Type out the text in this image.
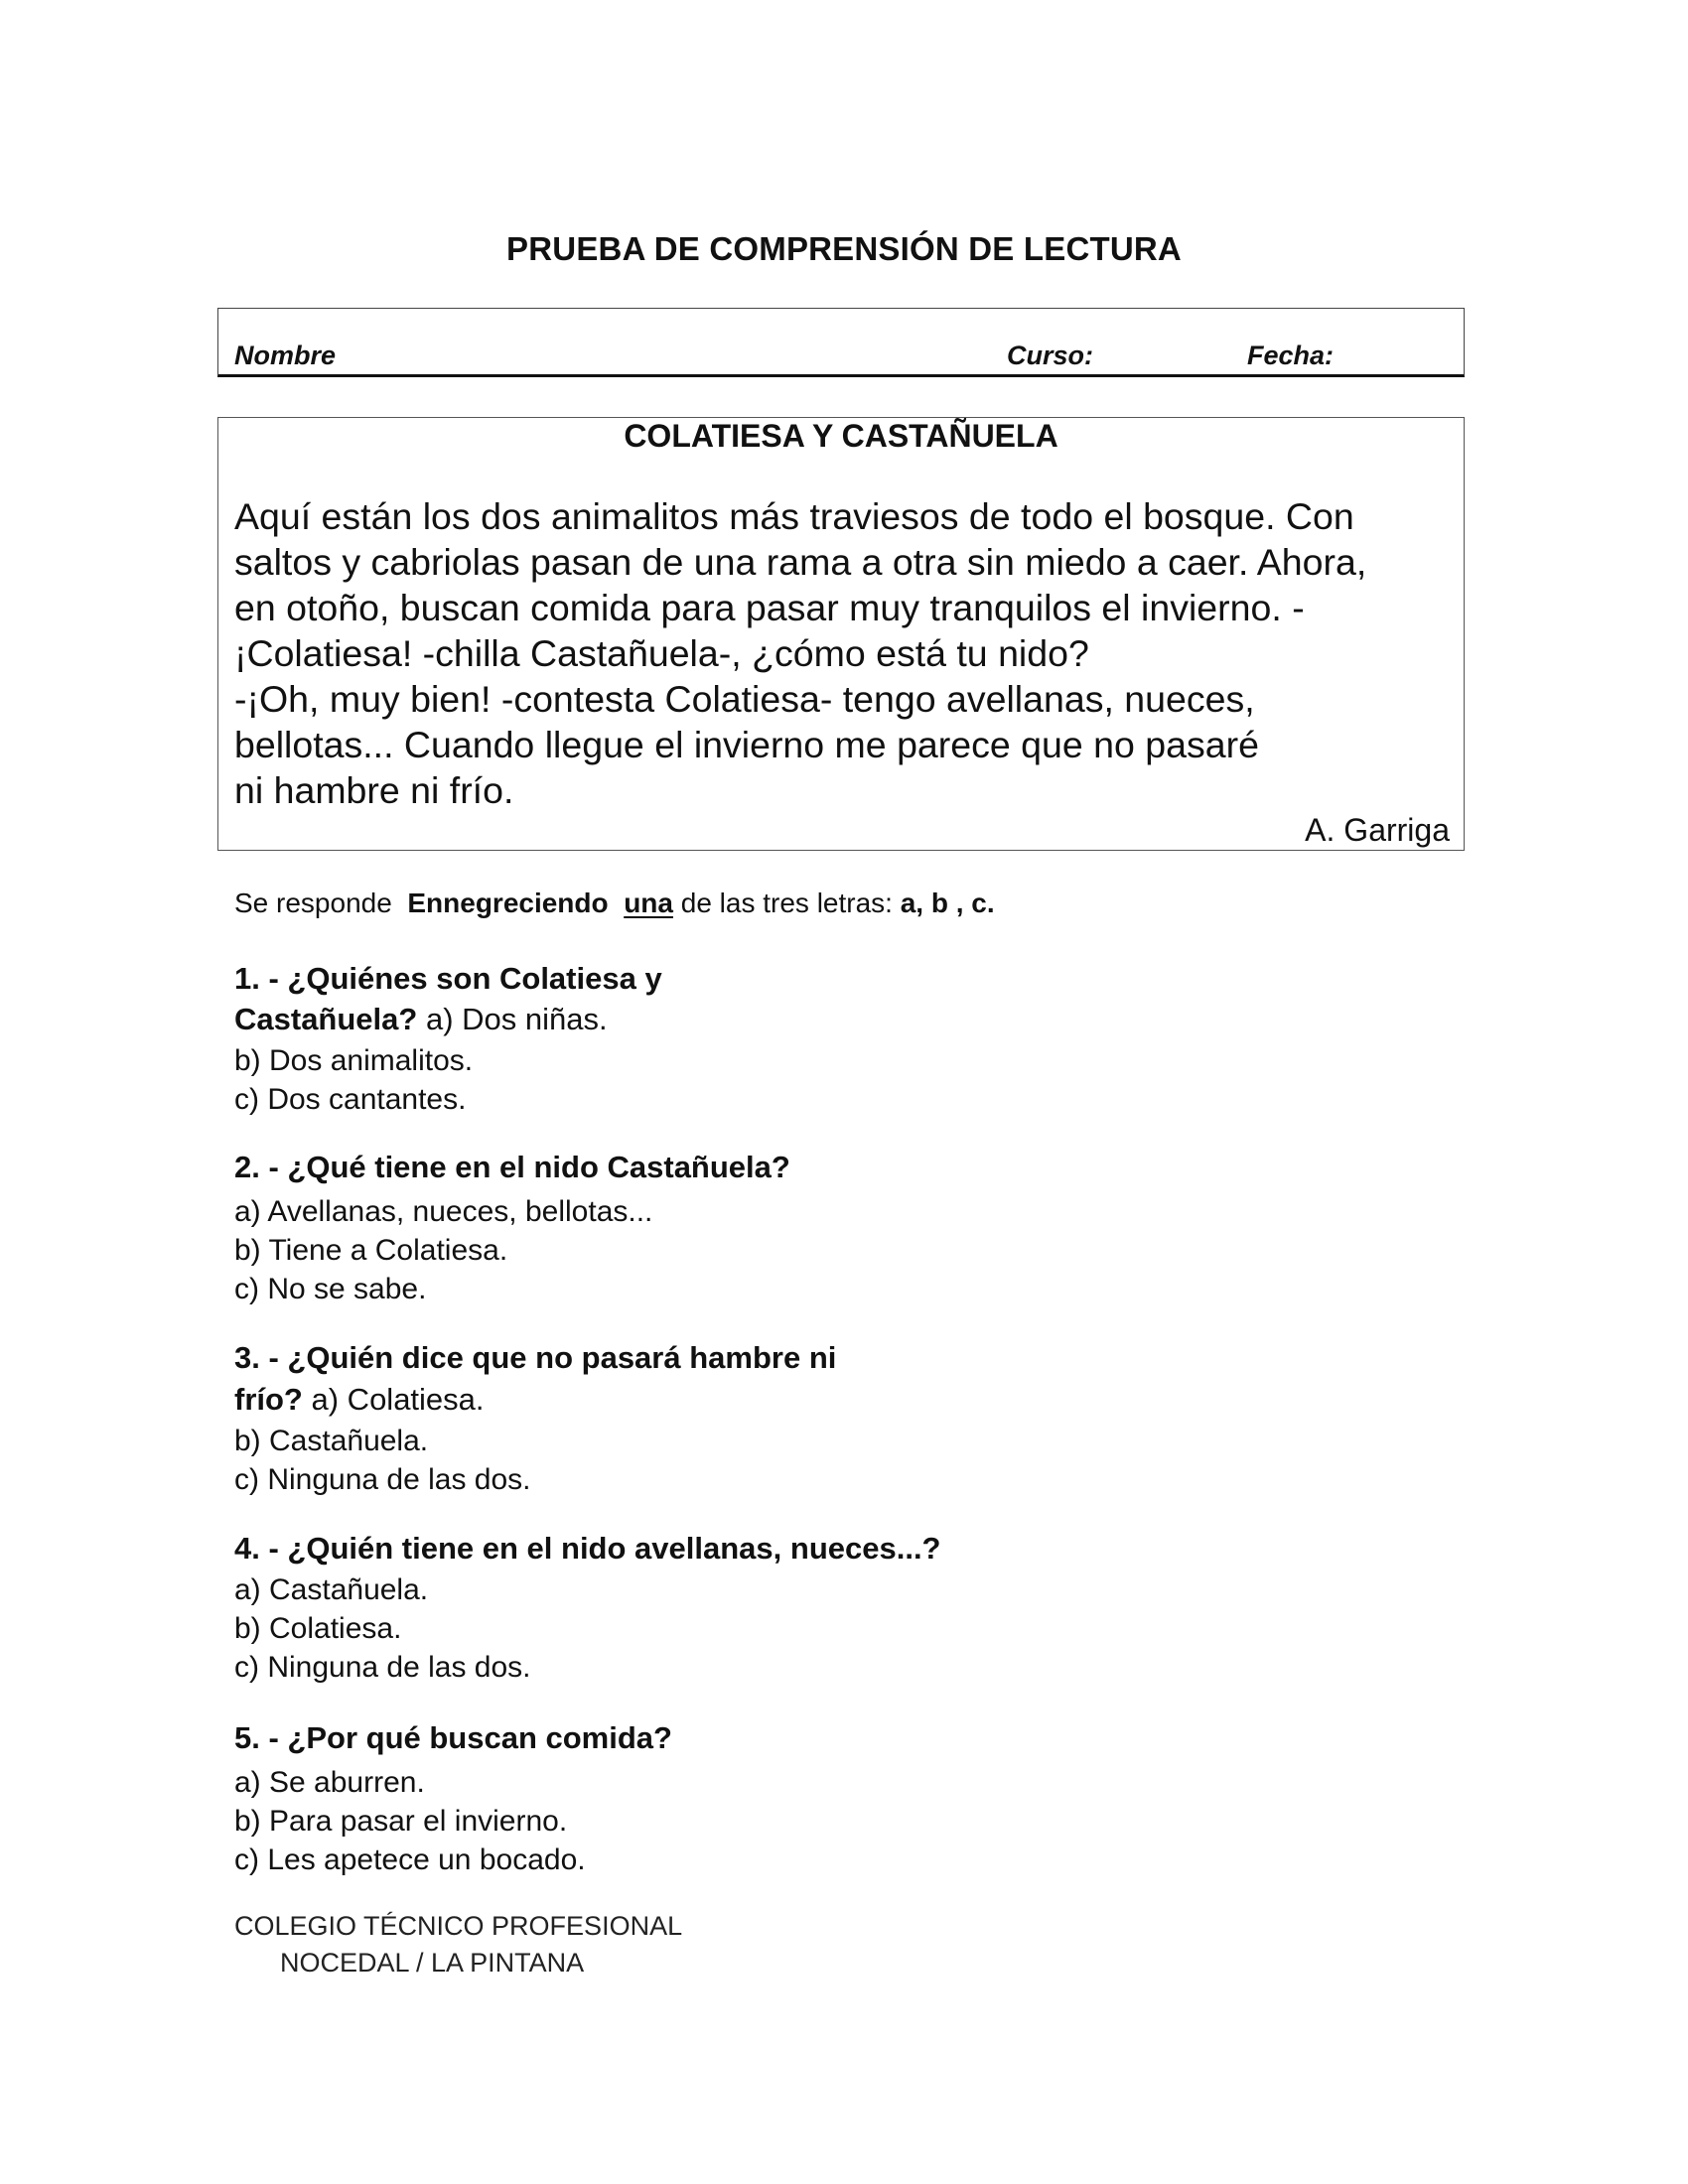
PRUEBA DE COMPRENSIÓN DE LECTURA
Nombre	Curso:	Fecha:
COLATIESA Y CASTAÑUELA
Aquí están los dos animalitos más traviesos de todo el bosque. Con
saltos y cabriolas pasan de una rama a otra sin miedo a caer. Ahora,
en otoño, buscan comida para pasar muy tranquilos el invierno. -
¡Colatiesa! -chilla Castañuela-, ¿cómo está tu nido?
-¡Oh, muy bien! -contesta Colatiesa- tengo avellanas, nueces,
bellotas... Cuando llegue el invierno me parece que no pasaré
ni hambre ni frío.
A. Garriga
Se responde  Ennegreciendo una de las tres letras: a, b , c.
1. - ¿Quiénes son Colatiesa y
Castañuela? a) Dos niñas.
b) Dos animalitos.
c) Dos cantantes.
2. - ¿Qué tiene en el nido Castañuela?
a) Avellanas, nueces, bellotas...
b) Tiene a Colatiesa.
c) No se sabe.
3. - ¿Quién dice que no pasará hambre ni
frío? a) Colatiesa.
b) Castañuela.
c) Ninguna de las dos.
4. - ¿Quién tiene en el nido avellanas, nueces...?
a) Castañuela.
b) Colatiesa.
c) Ninguna de las dos.
5. - ¿Por qué buscan comida?
a) Se aburren.
b) Para pasar el invierno.
c) Les apetece un bocado.
COLEGIO TÉCNICO PROFESIONAL
NOCEDAL / LA PINTANA
